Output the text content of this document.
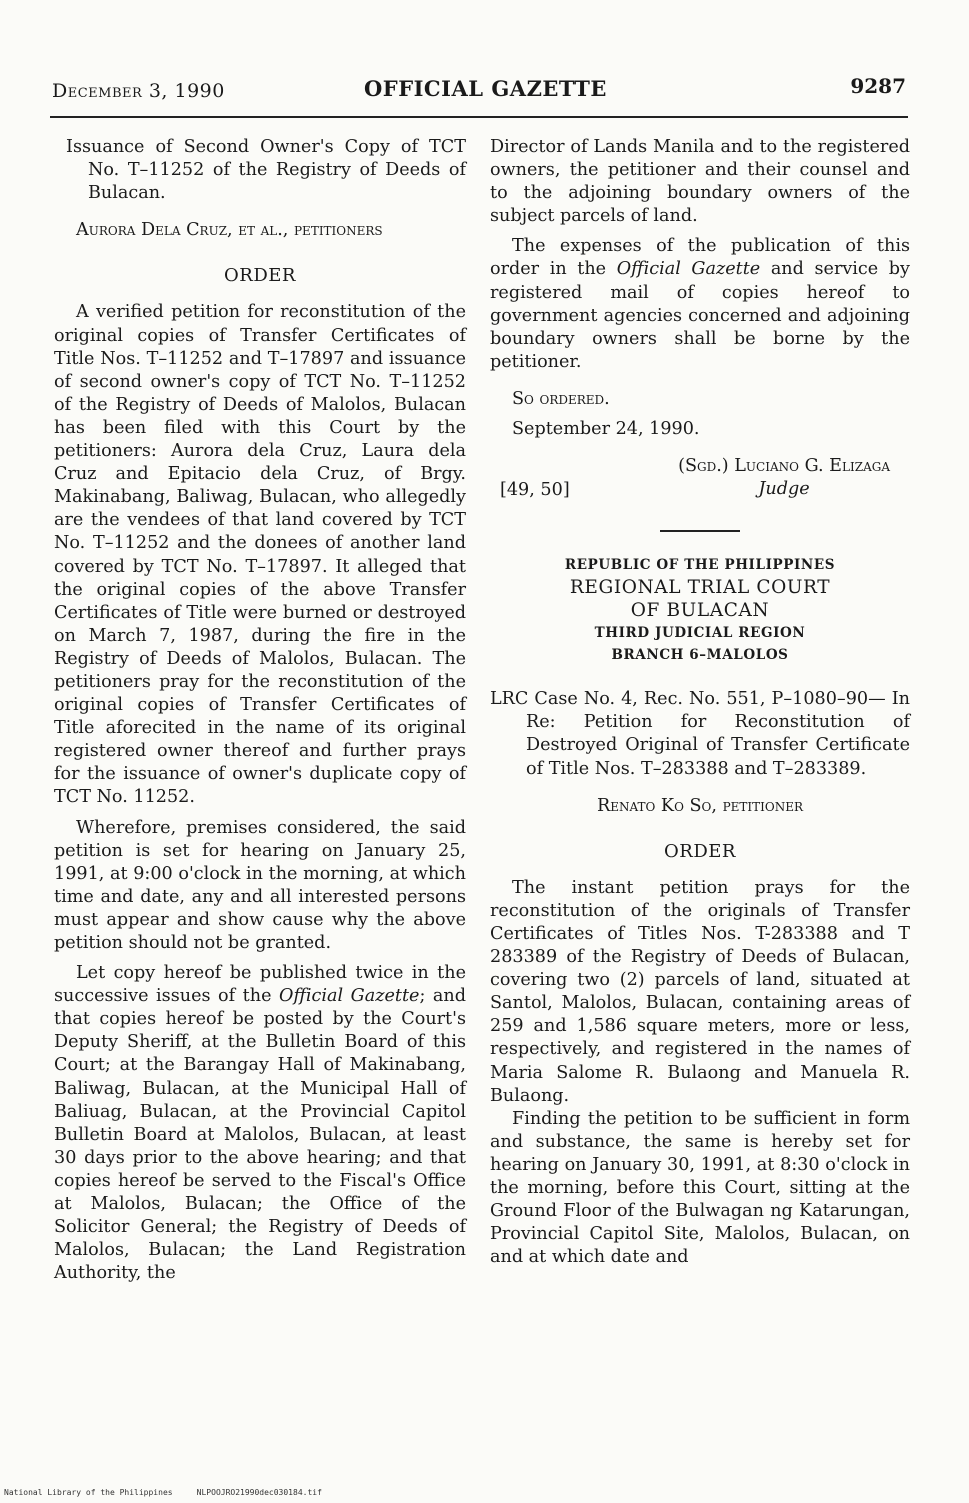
December 3, 1990	OFFICIAL GAZETTE	9287

Issuance of Second Owner's Copy of TCT No. T–11252 of the Registry of Deeds of Bulacan.

Aurora Dela Cruz, et al., petitioners

ORDER

A verified petition for reconstitution of the original copies of Transfer Certificates of Title Nos. T–11252 and T–17897 and issuance of second owner's copy of TCT No. T–11252 of the Registry of Deeds of Malolos, Bulacan has been filed with this Court by the petitioners: Aurora dela Cruz, Laura dela Cruz and Epitacio dela Cruz, of Brgy. Makinabang, Baliwag, Bulacan, who allegedly are the vendees of that land covered by TCT No. T–11252 and the donees of another land covered by TCT No. T–17897. It alleged that the original copies of the above Transfer Certificates of Title were burned or destroyed on March 7, 1987, during the fire in the Registry of Deeds of Malolos, Bulacan. The petitioners pray for the reconstitution of the original copies of Transfer Certificates of Title aforecited in the name of its original registered owner thereof and further prays for the issuance of owner's duplicate copy of TCT No. 11252.

Wherefore, premises considered, the said petition is set for hearing on January 25, 1991, at 9:00 o'clock in the morning, at which time and date, any and all interested persons must appear and show cause why the above petition should not be granted.

Let copy hereof be published twice in the successive issues of the Official Gazette; and that copies hereof be posted by the Court's Deputy Sheriff, at the Bulletin Board of this Court; at the Barangay Hall of Makinabang, Baliwag, Bulacan, at the Municipal Hall of Baliuag, Bulacan, at the Provincial Capitol Bulletin Board at Malolos, Bulacan, at least 30 days prior to the above hearing; and that copies hereof be served to the Fiscal's Office at Malolos, Bulacan; the Office of the Solicitor General; the Registry of Deeds of Malolos, Bulacan; the Land Registration Authority, the

Director of Lands Manila and to the registered owners, the petitioner and their counsel and to the adjoining boundary owners of the subject parcels of land.

The expenses of the publication of this order in the Official Gazette and service by registered mail of copies hereof to government agencies concerned and adjoining boundary owners shall be borne by the petitioner.

So ordered.

September 24, 1990.

[49, 50]
(Sgd.) Luciano G. Elizaga
Judge

REPUBLIC OF THE PHILIPPINES

REGIONAL TRIAL COURT

OF BULACAN

THIRD JUDICIAL REGION

BRANCH 6–MALOLOS

LRC Case No. 4, Rec. No. 551, P–1080–90— In Re: Petition for Reconstitution of Destroyed Original of Transfer Certificate of Title Nos. T–283388 and T–283389.

Renato Ko So, petitioner

ORDER

The instant petition prays for the reconstitution of the originals of Transfer Certificates of Titles Nos. T-283388 and T 283389 of the Registry of Deeds of Bulacan, covering two (2) parcels of land, situated at Santol, Malolos, Bulacan, containing areas of 259 and 1,586 square meters, more or less, respectively, and registered in the names of Maria Salome R. Bulaong and Manuela R. Bulaong.

Finding the petition to be sufficient in form and substance, the same is hereby set for hearing on January 30, 1991, at 8:30 o'clock in the morning, before this Court, sitting at the Ground Floor of the Bulwagan ng Katarungan, Provincial Capitol Site, Malolos, Bulacan, on and at which date and

National Library of the Philippines	NLPOOJRO21990dec030184.tif
